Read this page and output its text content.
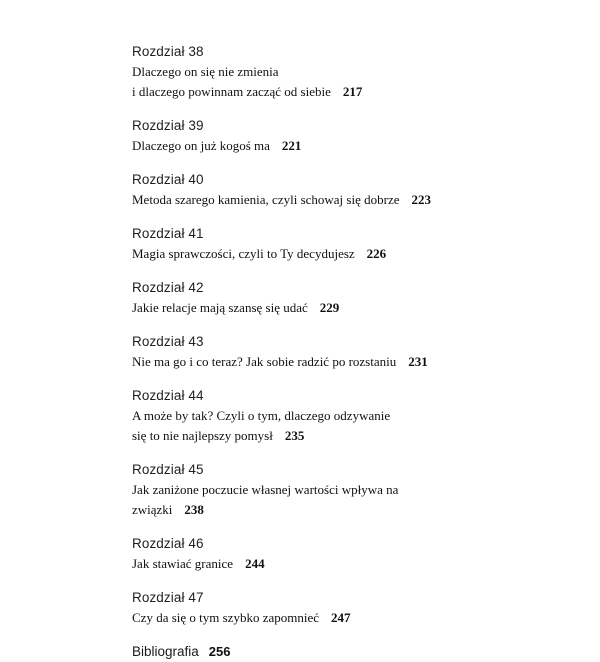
Rozdział 38
Dlaczego on się nie zmienia
i dlaczego powinnam zacząć od siebie 217
Rozdział 39
Dlaczego on już kogoś ma 221
Rozdział 40
Metoda szarego kamienia, czyli schowaj się dobrze 223
Rozdział 41
Magia sprawczości, czyli to Ty decydujesz 226
Rozdział 42
Jakie relacje mają szansę się udać 229
Rozdział 43
Nie ma go i co teraz? Jak sobie radzić po rozstaniu 231
Rozdział 44
A może by tak? Czyli o tym, dlaczego odzywanie
się to nie najlepszy pomysł 235
Rozdział 45
Jak zaniżone poczucie własnej wartości wpływa na
związki 238
Rozdział 46
Jak stawiać granice 244
Rozdział 47
Czy da się o tym szybko zapomnieć 247
Bibliografia 256
